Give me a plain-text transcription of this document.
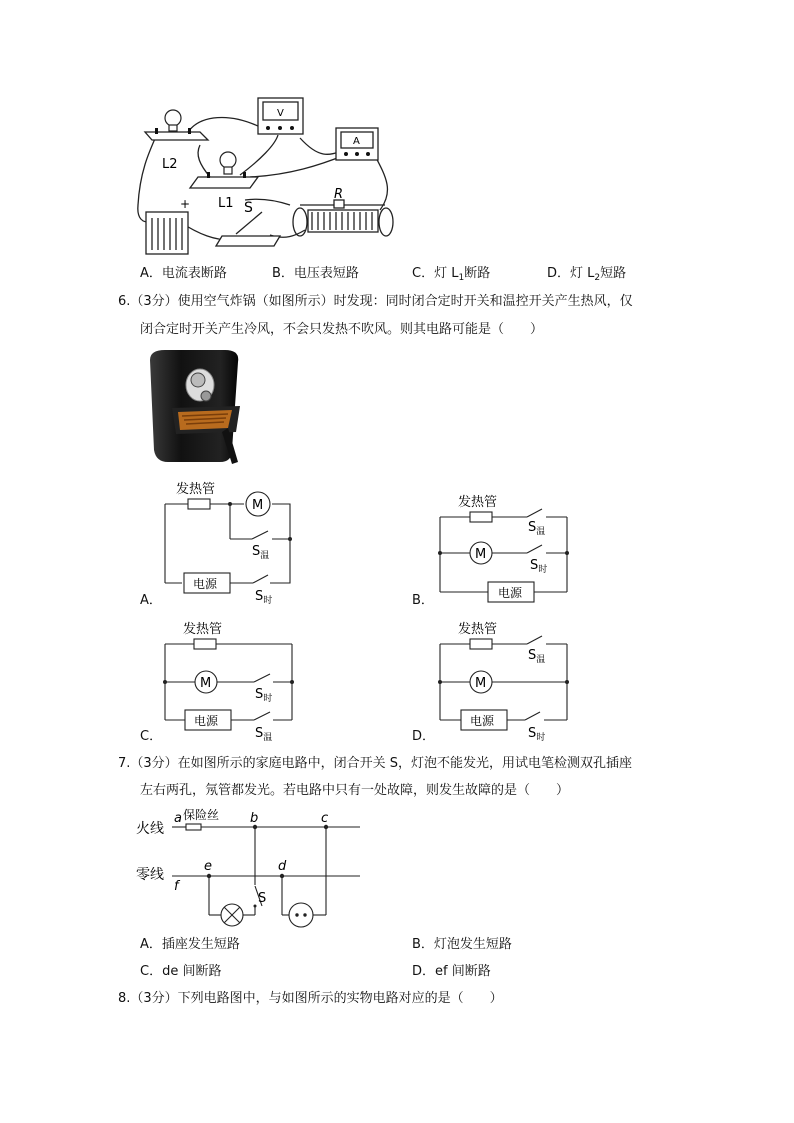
V
A
L2
L1 S
R
+
A．电流表断路	B．电压表短路	C．灯 $L_1$断路	D．灯 $L_2$短路
6.（3分）使用空气炸锅（如图所示）时发现：同时闭合定时开关和温控开关产生热风，仅
闭合定时开关产生冷风，不会只发热不吹风。则其电路可能是（　　）
发热管
M
电源
$S_温$
$S_时$
发热管
M
电源
$S_温$
$S_时$
发热管
M
电源
$S_时$
$S_温$
发热管
M
电源
$S_温$
$S_时$
A．	B．
C．	D．
7.（3分）在如图所示的家庭电路中，闭合开关 S，灯泡不能发光，用试电笔检测双孔插座
左右两孔，氖管都发光。若电路中只有一处故障，则发生故障的是（　　）
火线
零线
保险丝
a	b	c
d
e
f
S
A．插座发生短路	B．灯泡发生短路
C．de 间断路	D．ef 间断路
8.（3分）下列电路图中，与如图所示的实物电路对应的是（　　）
